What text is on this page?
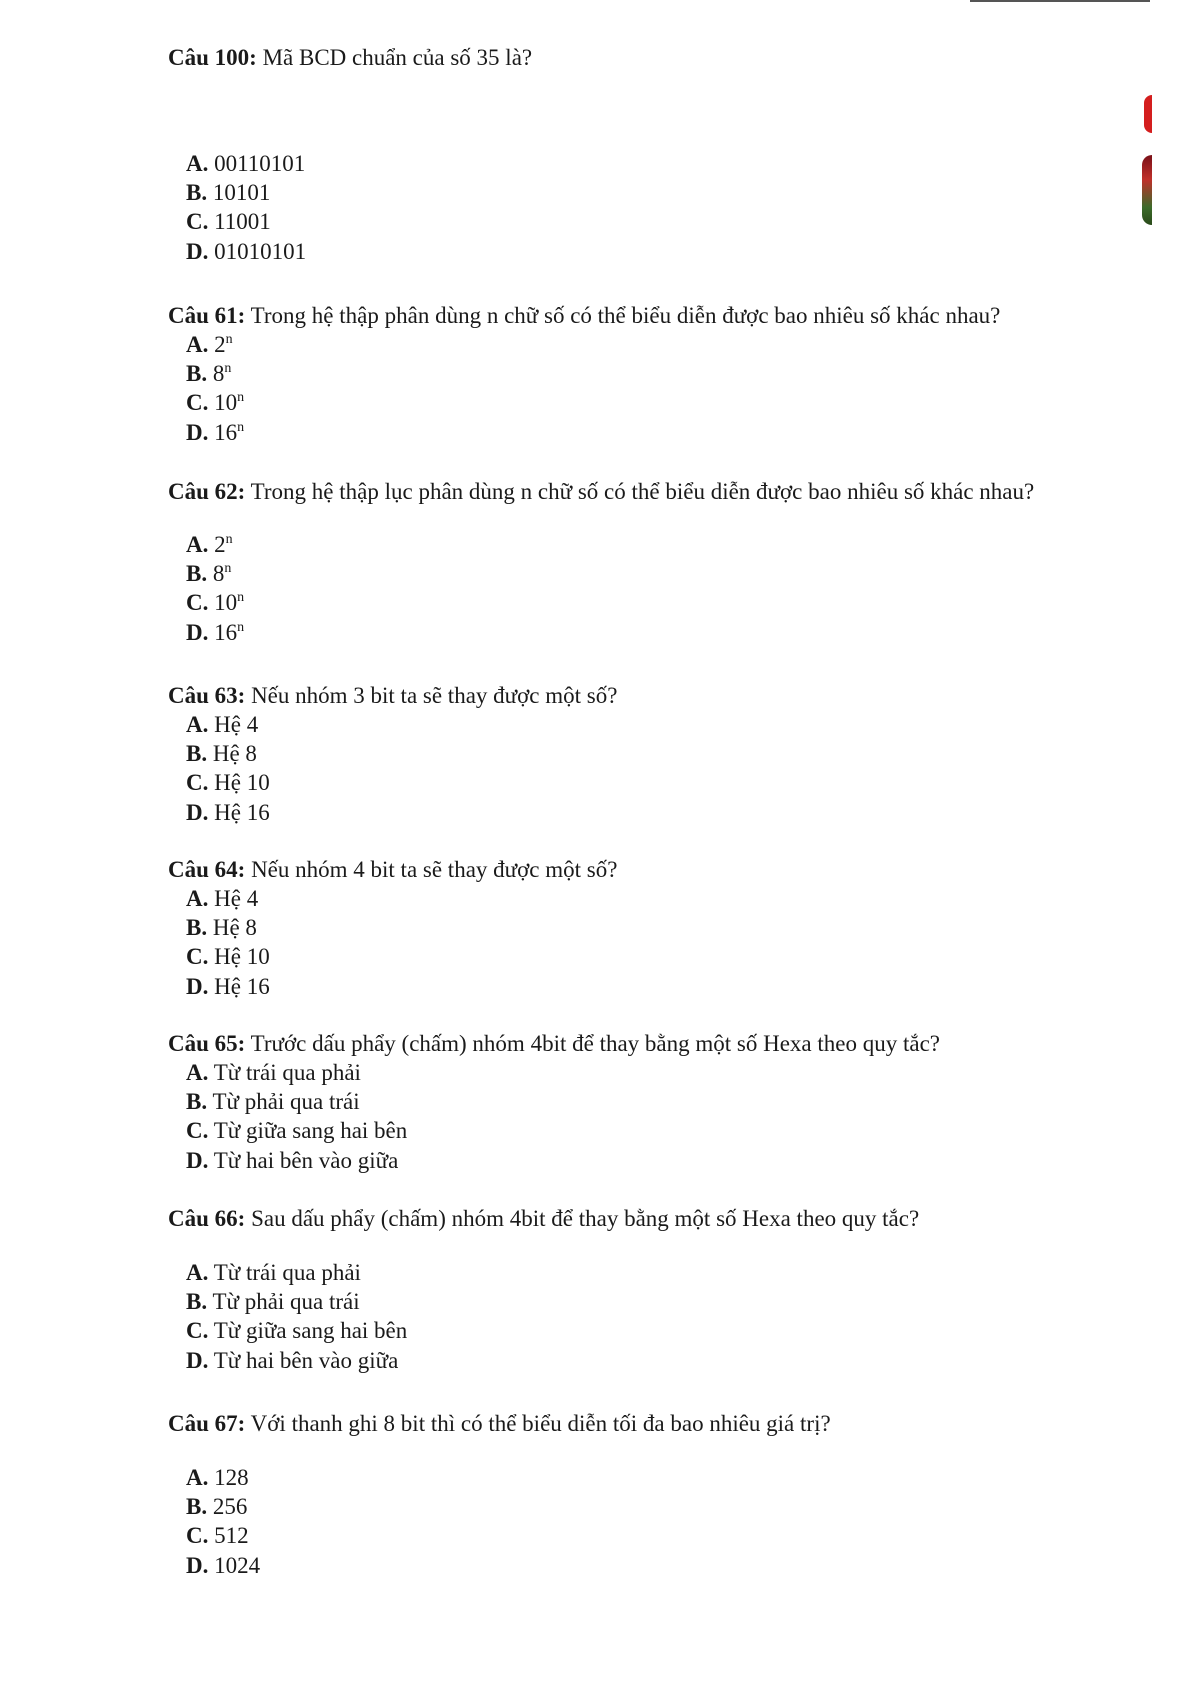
Câu 100: Mã BCD chuẩn của số 35 là?
A. 00110101
B. 10101
C. 11001
D. 01010101
Câu 61: Trong hệ thập phân dùng n chữ số có thể biểu diễn được bao nhiêu số khác nhau?
A. 2$^n$
B. 8$^n$
C. 10$^n$
D. 16$^n$
Câu 62: Trong hệ thập lục phân dùng n chữ số có thể biểu diễn được bao nhiêu số khác nhau?
A. 2$^n$
B. 8$^n$
C. 10$^n$
D. 16$^n$
Câu 63: Nếu nhóm 3 bit ta sẽ thay được một số?
A. Hệ 4
B. Hệ 8
C. Hệ 10
D. Hệ 16
Câu 64: Nếu nhóm 4 bit ta sẽ thay được một số?
A. Hệ 4
B. Hệ 8
C. Hệ 10
D. Hệ 16
Câu 65: Trước dấu phẩy (chấm) nhóm 4bit để thay bằng một số Hexa theo quy tắc?
A. Từ trái qua phải
B. Từ phải qua trái
C. Từ giữa sang hai bên
D. Từ hai bên vào giữa
Câu 66: Sau dấu phẩy (chấm) nhóm 4bit để thay bằng một số Hexa theo quy tắc?
A. Từ trái qua phải
B. Từ phải qua trái
C. Từ giữa sang hai bên
D. Từ hai bên vào giữa
Câu 67: Với thanh ghi 8 bit thì có thể biểu diễn tối đa bao nhiêu giá trị?
A. 128
B. 256
C. 512
D. 1024
